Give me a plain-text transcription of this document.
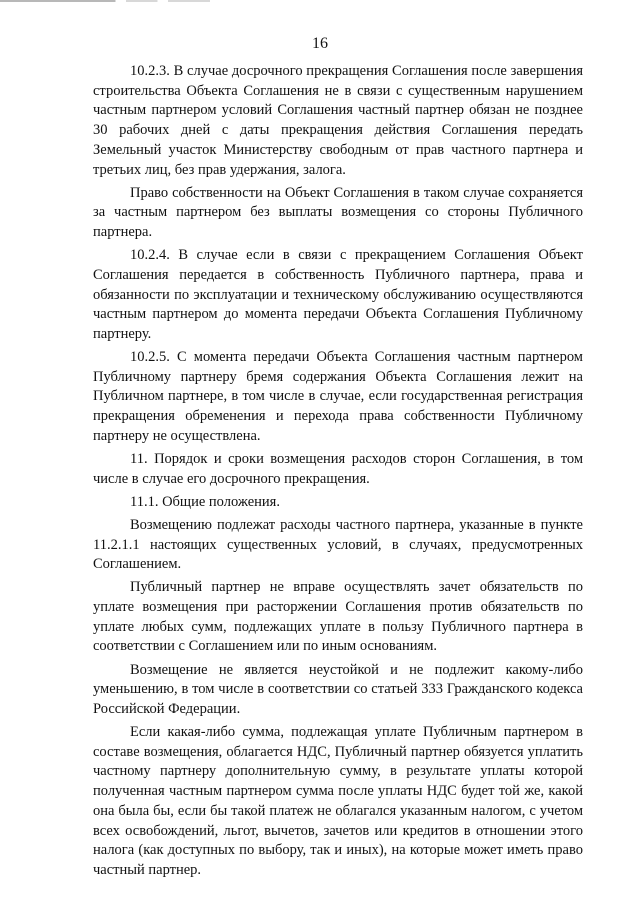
16

10.2.3. В случае досрочного прекращения Соглашения после завершения строительства Объекта Соглашения не в связи с существенным нарушением частным партнером условий Соглашения частный партнер обязан не позднее 30 рабочих дней с даты прекращения действия Соглашения передать Земельный участок Министерству свободным от прав частного партнера и третьих лиц, без прав удержания, залога.

Право собственности на Объект Соглашения в таком случае сохраняется за частным партнером без выплаты возмещения со стороны Публичного партнера.

10.2.4. В случае если в связи с прекращением Соглашения Объект Соглашения передается в собственность Публичного партнера, права и обязанности по эксплуатации и техническому обслуживанию осуществляются частным партнером до момента передачи Объекта Соглашения Публичному партнеру.

10.2.5. С момента передачи Объекта Соглашения частным партнером Публичному партнеру бремя содержания Объекта Соглашения лежит на Публичном партнере, в том числе в случае, если государственная регистрация прекращения обременения и перехода права собственности Публичному партнеру не осуществлена.

11. Порядок и сроки возмещения расходов сторон Соглашения, в том числе в случае его досрочного прекращения.

11.1. Общие положения.

Возмещению подлежат расходы частного партнера, указанные в пункте 11.2.1.1 настоящих существенных условий, в случаях, предусмотренных Соглашением.

Публичный партнер не вправе осуществлять зачет обязательств по уплате возмещения при расторжении Соглашения против обязательств по уплате любых сумм, подлежащих уплате в пользу Публичного партнера в соответствии с Соглашением или по иным основаниям.

Возмещение не является неустойкой и не подлежит какому-либо уменьшению, в том числе в соответствии со статьей 333 Гражданского кодекса Российской Федерации.

Если какая-либо сумма, подлежащая уплате Публичным партнером в составе возмещения, облагается НДС, Публичный партнер обязуется уплатить частному партнеру дополнительную сумму, в результате уплаты которой полученная частным партнером сумма после уплаты НДС будет той же, какой она была бы, если бы такой платеж не облагался указанным налогом, с учетом всех освобождений, льгот, вычетов, зачетов или кредитов в отношении этого налога (как доступных по выбору, так и иных), на которые может иметь право частный партнер.
